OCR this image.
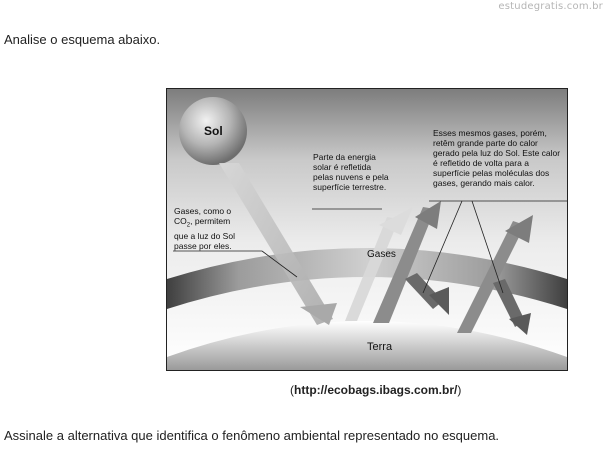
estudegratis.com.br
Analise o esquema abaixo.
Sol
Gases, como o
$CO_2$, permitem
que a luz do Sol
passe por eles.
Parte da energia solar é refletida pelas nuvens e pela superfície terrestre.
Esses mesmos gases, porém, retêm grande parte do calor gerado pela luz do Sol. Este calor é refletido de volta para a superfície pelas moléculas dos gases, gerando mais calor.
Gases
Terra
(http://ecobags.ibags.com.br/)
Assinale a alternativa que identifica o fenômeno ambiental representado no esquema.
